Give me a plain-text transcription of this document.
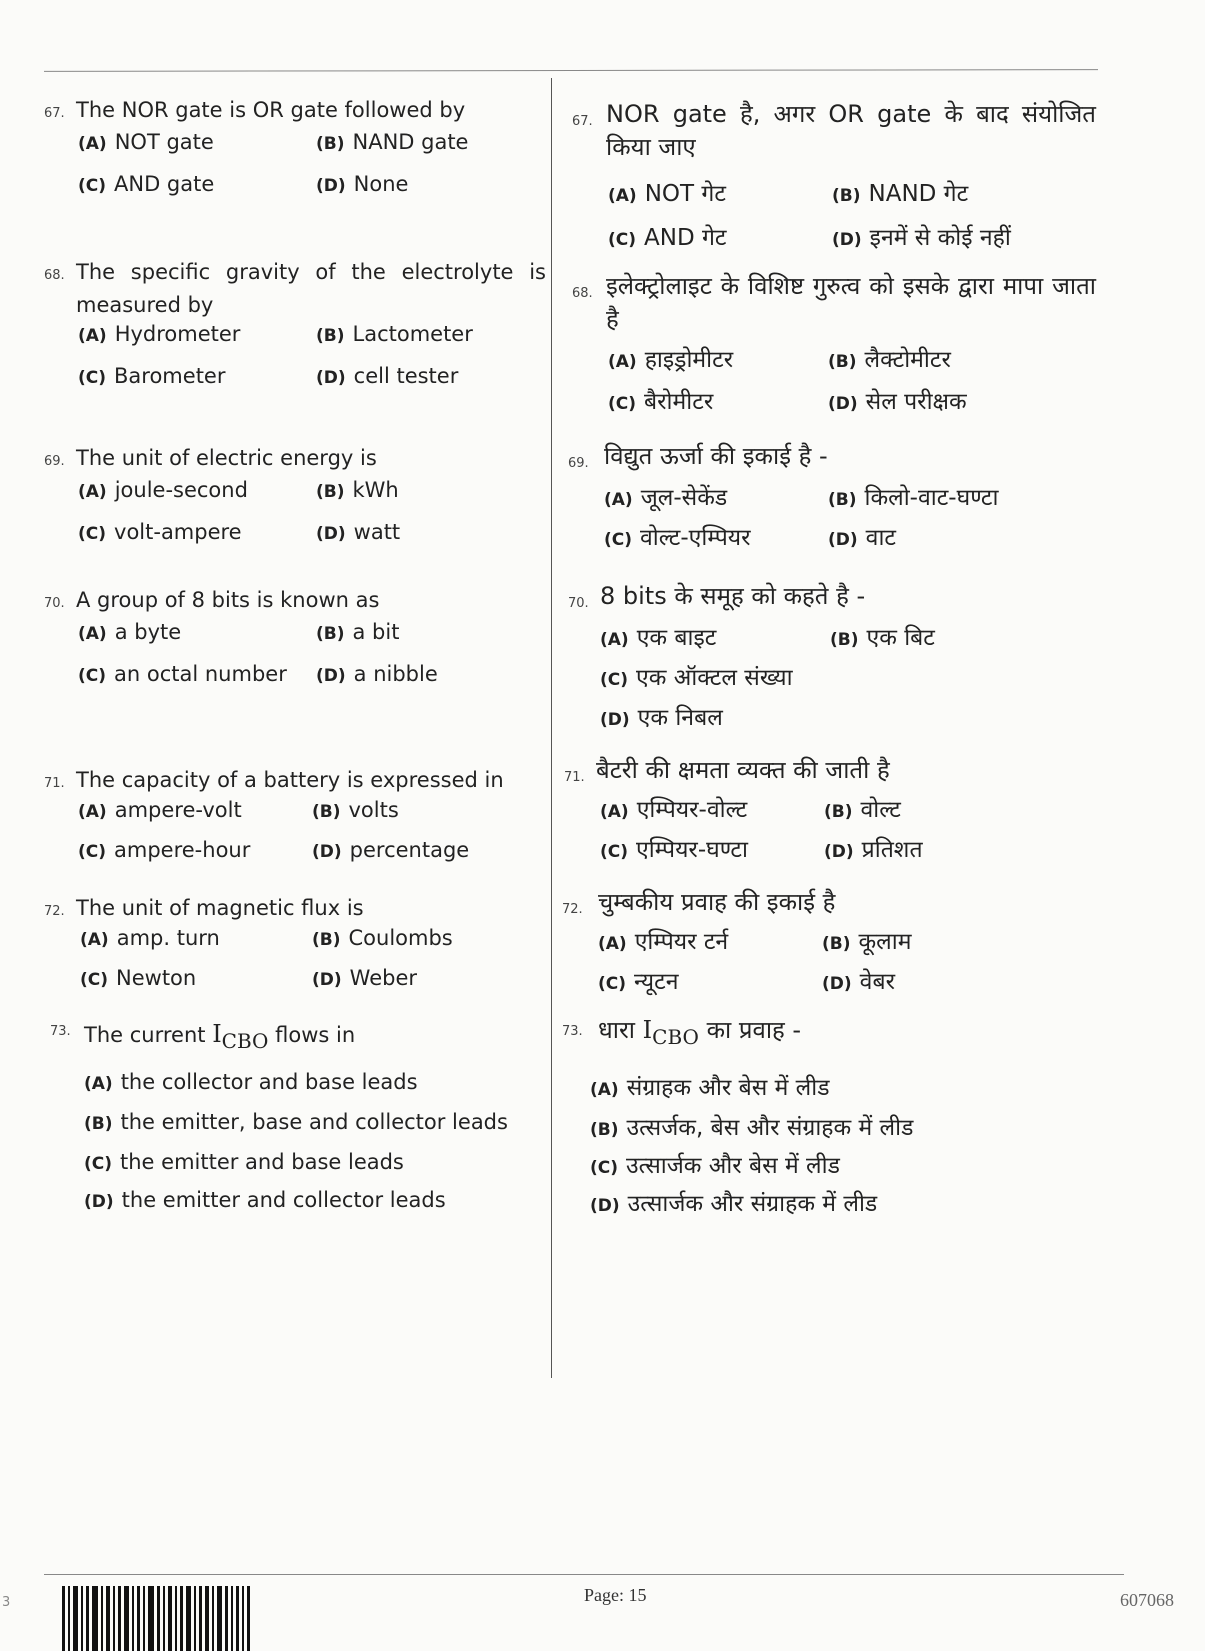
67. The NOR gate is OR gate followed by
(A) NOT gate	(B) NAND gate
(C) AND gate	(D) None
68. The specific gravity of the electrolyte is measured by
(A) Hydrometer	(B) Lactometer
(C) Barometer	(D) cell tester
69. The unit of electric energy is
(A) joule-second	(B) kWh
(C) volt-ampere	(D) watt
70. A group of 8 bits is known as
(A) a byte	(B) a bit
(C) an octal number (D) a nibble
71. The capacity of a battery is expressed in
(A) ampere-volt	(B) volts
(C) ampere-hour	(D) percentage
72. The unit of magnetic flux is
(A) amp. turn	(B) Coulombs
(C) Newton	(D) Weber
73. The current $I_{CBO}$ flows in
(A) the collector and base leads
(B) the emitter, base and collector leads
(C) the emitter and base leads
(D) the emitter and collector leads
67. NOR gate है, अगर OR gate के बाद संयोजित किया जाए
(A) NOT गेट	(B) NAND गेट
(C) AND गेट	(D) इनमें से कोई नहीं
68. इलेक्ट्रोलाइट के विशिष्ट गुरुत्व को इसके द्वारा मापा जाता है
(A) हाइड्रोमीटर	(B) लैक्टोमीटर
(C) बैरोमीटर	(D) सेल परीक्षक
69. विद्युत ऊर्जा की इकाई है -
(A) जूल-सेकेंड	(B) किलो-वाट-घण्टा
(C) वोल्ट-एम्पियर	(D) वाट
70. 8 bits के समूह को कहते है -
(A) एक बाइट	(B) एक बिट
(C) एक ऑक्टल संख्या
(D) एक निबल
71. बैटरी की क्षमता व्यक्त की जाती है
(A) एम्पियर-वोल्ट	(B) वोल्ट
(C) एम्पियर-घण्टा	(D) प्रतिशत
72. चुम्बकीय प्रवाह की इकाई है
(A) एम्पियर टर्न	(B) कूलाम
(C) न्यूटन	(D) वेबर
73. धारा $I_{CBO}$ का प्रवाह -
(A) संग्राहक और बेस में लीड
(B) उत्सर्जक, बेस और संग्राहक में लीड
(C) उत्सार्जक और बेस में लीड
(D) उत्सार्जक और संग्राहक में लीड
3	Page: 15	607068
